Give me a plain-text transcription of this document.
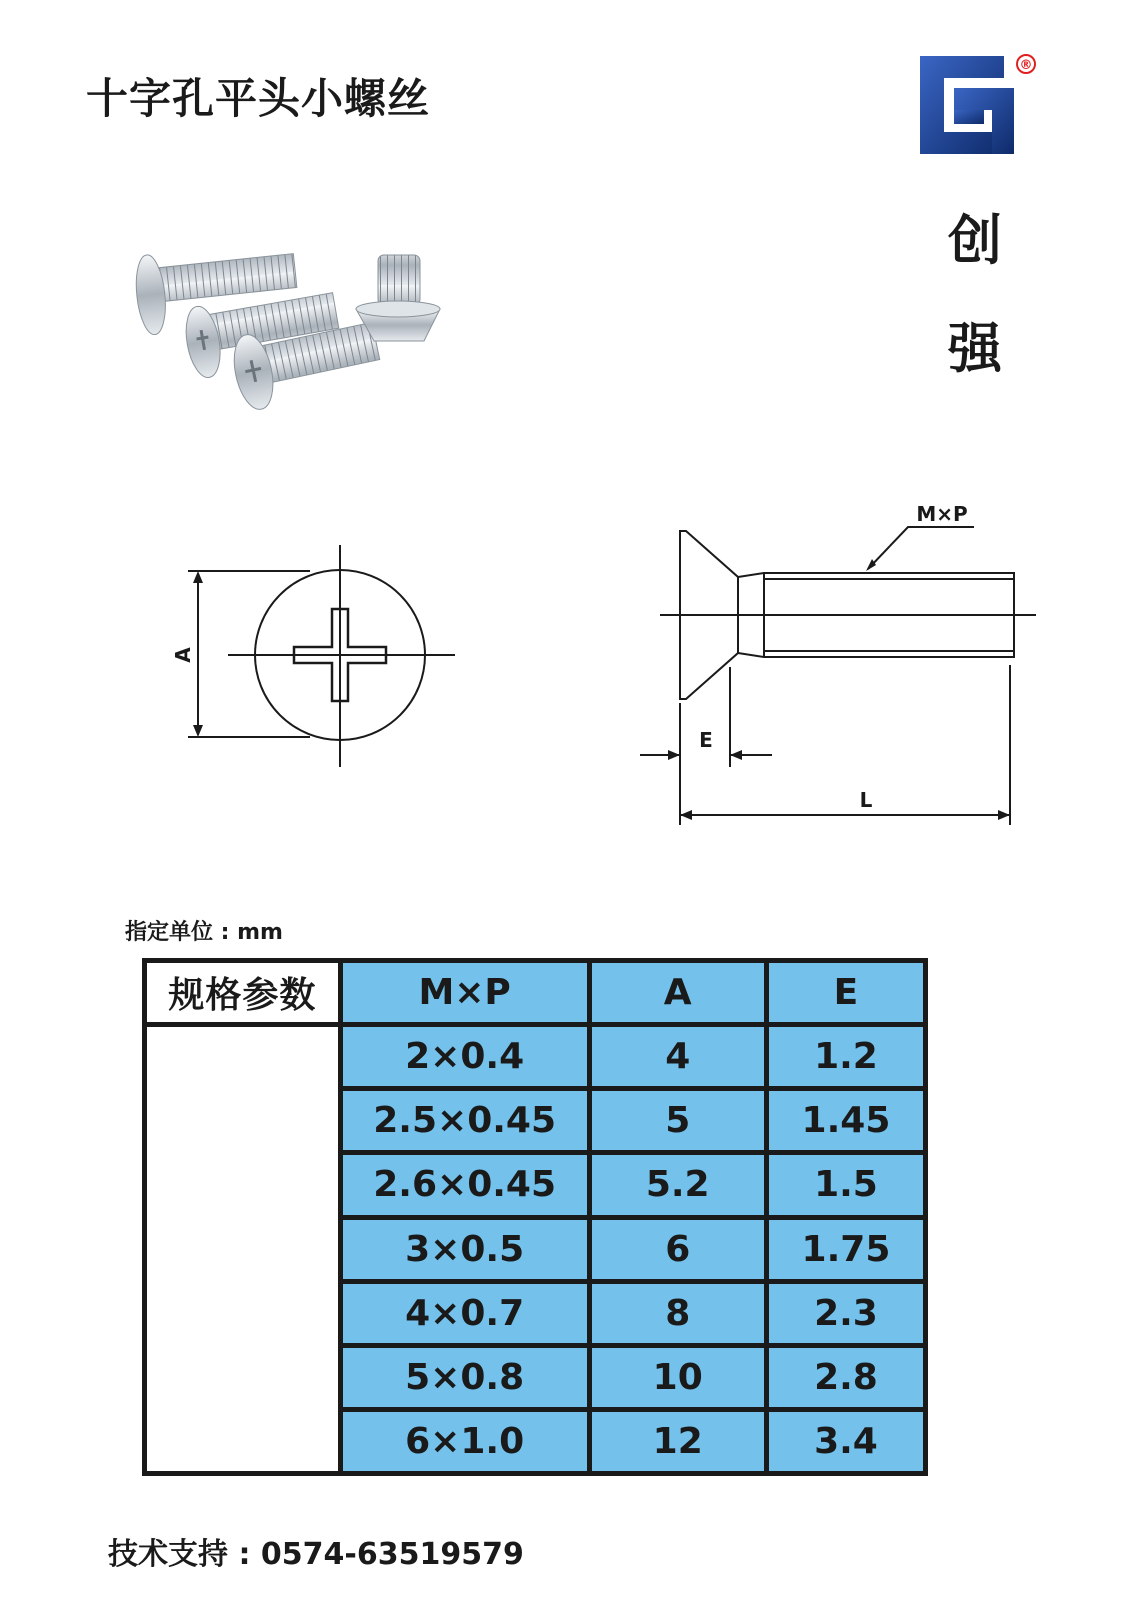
十字孔平头小螺丝
®
创
强
A
M×P
E
L
指定单位 : mm
规格参数	M×P	A	E
	2×0.4	4	1.2
	2.5×0.45	5	1.45
	2.6×0.45	5.2	1.5
	3×0.5	6	1.75
	4×0.7	8	2.3
	5×0.8	10	2.8
	6×1.0	12	3.4
技术支持 : 0574-63519579
